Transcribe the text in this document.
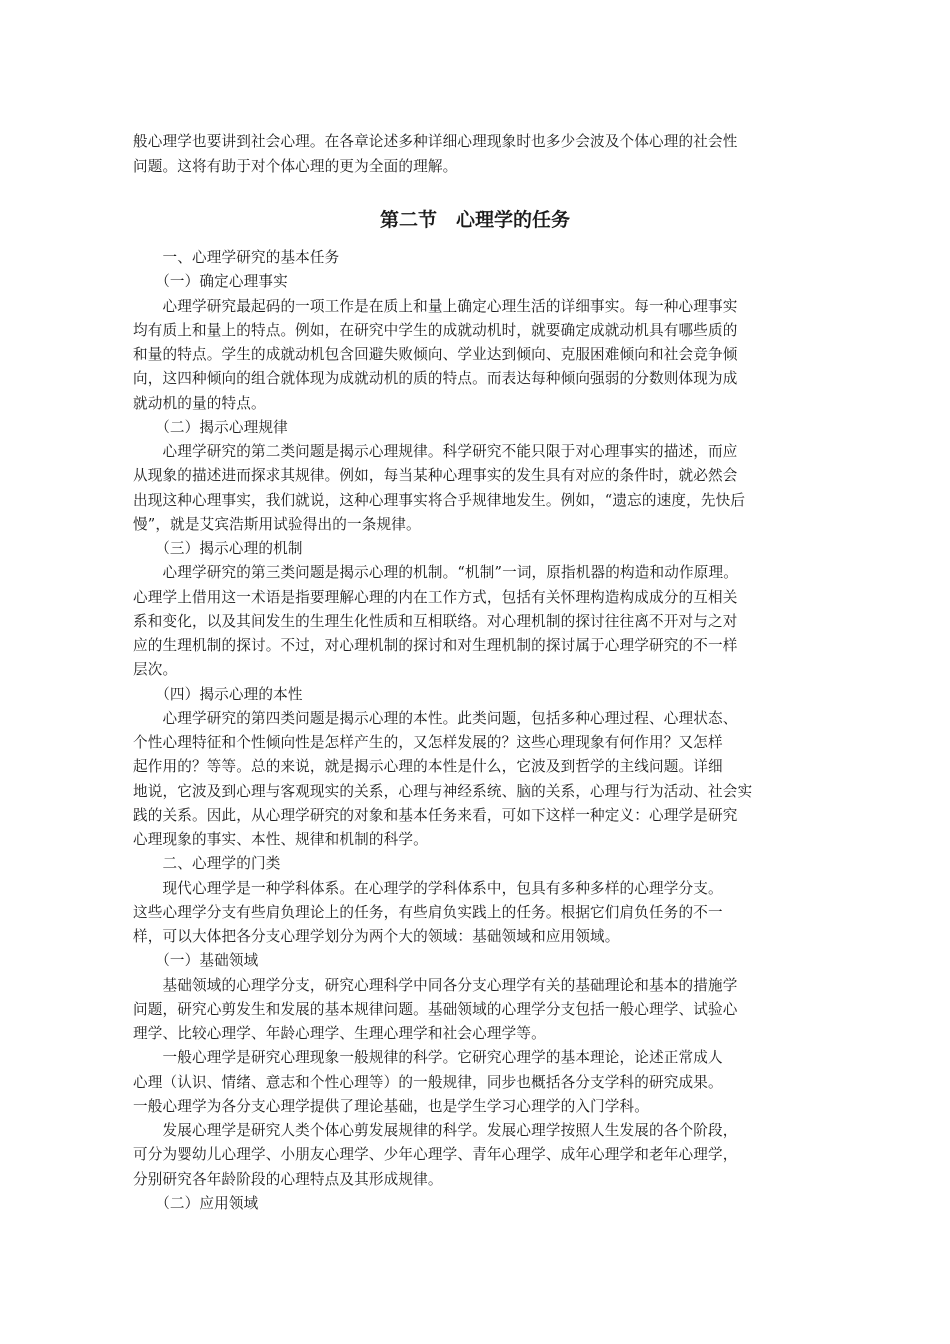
般心理学也要讲到社会心理。在各章论述多种详细心理现象时也多少会波及个体心理的社会性
问题。这将有助于对个体心理的更为全面的理解。
第二节　心理学的任务
　　一、心理学研究的基本任务
　　（一）确定心理事实
　　心理学研究最起码的一项工作是在质上和量上确定心理生活的详细事实。每一种心理事实
均有质上和量上的特点。例如，在研究中学生的成就动机时，就要确定成就动机具有哪些质的
和量的特点。学生的成就动机包含回避失败倾向、学业达到倾向、克服困难倾向和社会竞争倾
向，这四种倾向的组合就体现为成就动机的质的特点。而表达每种倾向强弱的分数则体现为成
就动机的量的特点。
　　（二）揭示心理规律
　　心理学研究的第二类问题是揭示心理规律。科学研究不能只限于对心理事实的描述，而应
从现象的描述进而探求其规律。例如，每当某种心理事实的发生具有对应的条件时，就必然会
出现这种心理事实，我们就说，这种心理事实将合乎规律地发生。例如，“遗忘的速度，先快后
慢”，就是艾宾浩斯用试验得出的一条规律。
　　（三）揭示心理的机制
　　心理学研究的第三类问题是揭示心理的机制。“机制”一词，原指机器的构造和动作原理。
心理学上借用这一术语是指要理解心理的内在工作方式，包括有关怀理构造构成成分的互相关
系和变化，以及其间发生的生理生化性质和互相联络。对心理机制的探讨往往离不开对与之对
应的生理机制的探讨。不过，对心理机制的探讨和对生理机制的探讨属于心理学研究的不一样
层次。
　　（四）揭示心理的本性
　　心理学研究的第四类问题是揭示心理的本性。此类问题，包括多种心理过程、心理状态、
个性心理特征和个性倾向性是怎样产生的，又怎样发展的？这些心理现象有何作用？又怎样
起作用的？等等。总的来说，就是揭示心理的本性是什么，它波及到哲学的主线问题。详细
地说，它波及到心理与客观现实的关系，心理与神经系统、脑的关系，心理与行为活动、社会实
践的关系。因此，从心理学研究的对象和基本任务来看，可如下这样一种定义：心理学是研究
心理现象的事实、本性、规律和机制的科学。
　　二、心理学的门类
　　现代心理学是一种学科体系。在心理学的学科体系中，包具有多种多样的心理学分支。
这些心理学分支有些肩负理论上的任务，有些肩负实践上的任务。根据它们肩负任务的不一
样，可以大体把各分支心理学划分为两个大的领域：基础领域和应用领域。
　　（一）基础领域
　　基础领域的心理学分支，研究心理科学中同各分支心理学有关的基础理论和基本的措施学
问题，研究心剪发生和发展的基本规律问题。基础领域的心理学分支包括一般心理学、试验心
理学、比较心理学、年龄心理学、生理心理学和社会心理学等。
　　一般心理学是研究心理现象一般规律的科学。它研究心理学的基本理论，论述正常成人
心理（认识、情绪、意志和个性心理等）的一般规律，同步也概括各分支学科的研究成果。
一般心理学为各分支心理学提供了理论基础，也是学生学习心理学的入门学科。
　　发展心理学是研究人类个体心剪发展规律的科学。发展心理学按照人生发展的各个阶段，
可分为婴幼儿心理学、小朋友心理学、少年心理学、青年心理学、成年心理学和老年心理学，
分别研究各年龄阶段的心理特点及其形成规律。
　　（二）应用领域
